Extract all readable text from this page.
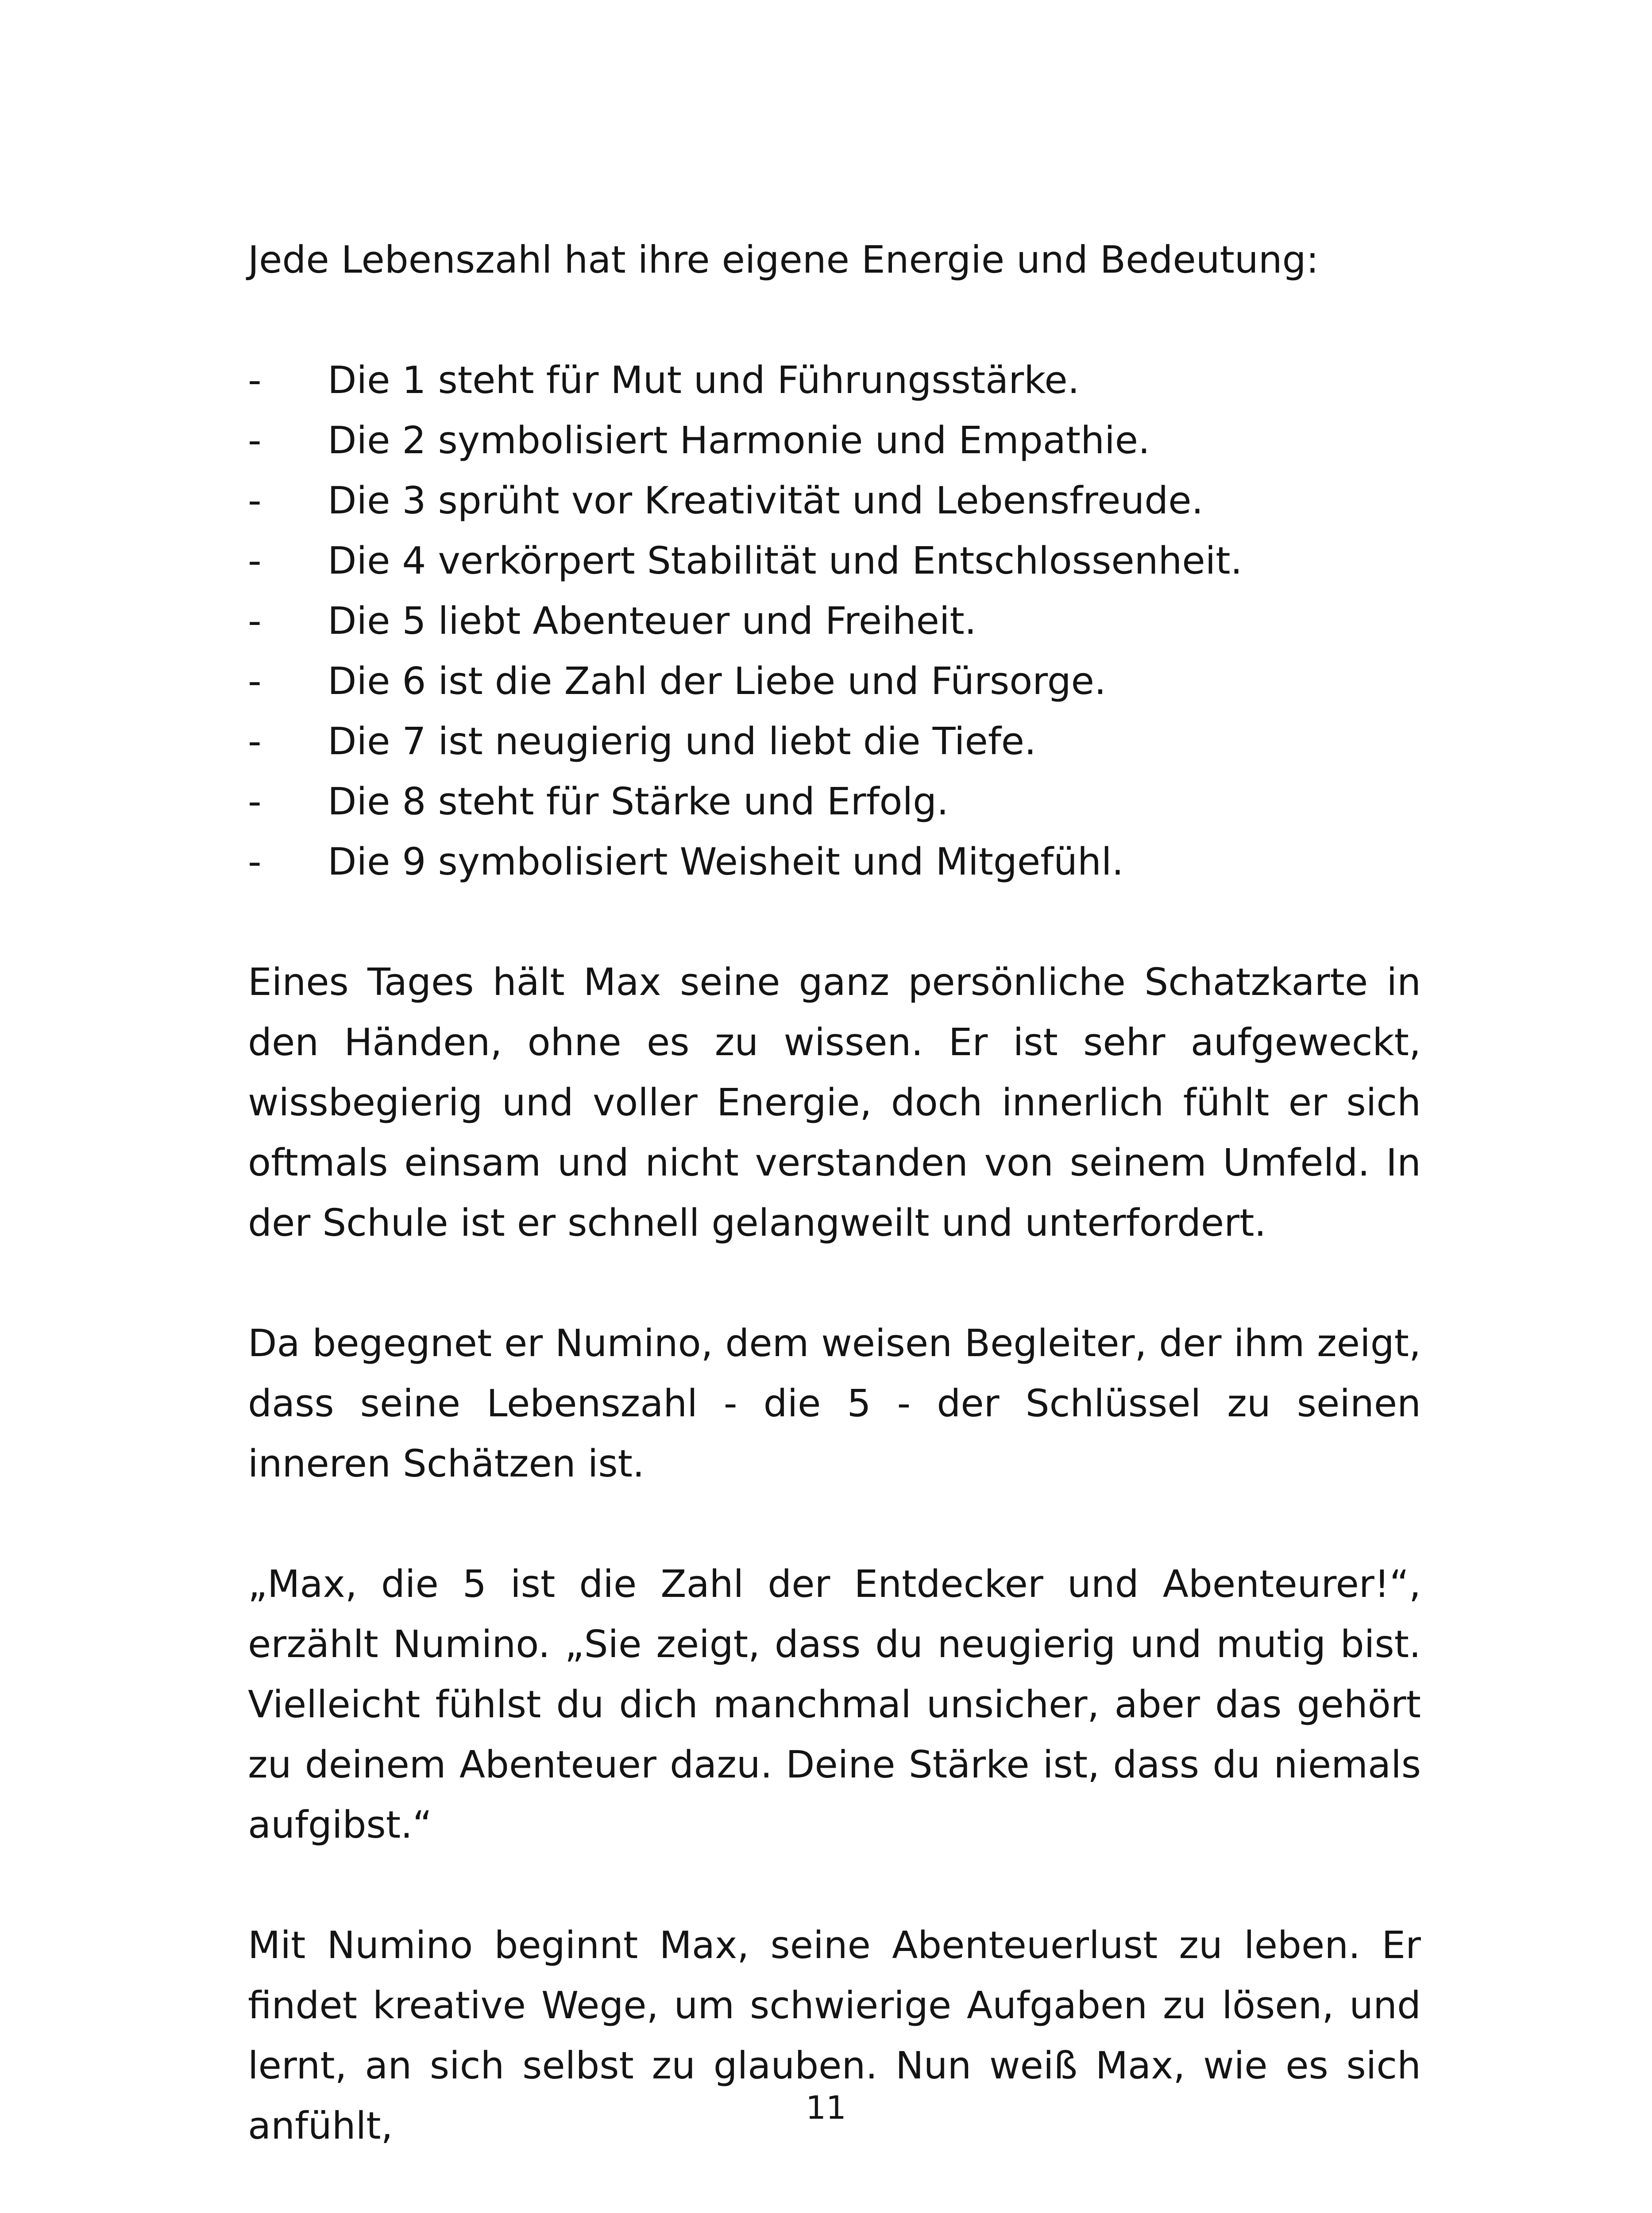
Jede Lebenszahl hat ihre eigene Energie und Bedeutung:

- Die 1 steht für Mut und Führungsstärke.
- Die 2 symbolisiert Harmonie und Empathie.
- Die 3 sprüht vor Kreativität und Lebensfreude.
- Die 4 verkörpert Stabilität und Entschlossenheit.
- Die 5 liebt Abenteuer und Freiheit.
- Die 6 ist die Zahl der Liebe und Fürsorge.
- Die 7 ist neugierig und liebt die Tiefe.
- Die 8 steht für Stärke und Erfolg.
- Die 9 symbolisiert Weisheit und Mitgefühl.

Eines Tages hält Max seine ganz persönliche Schatzkarte in den Händen, ohne es zu wissen. Er ist sehr aufgeweckt, wissbegierig und voller Energie, doch innerlich fühlt er sich oftmals einsam und nicht verstanden von seinem Umfeld. In der Schule ist er schnell gelangweilt und unterfordert.

Da begegnet er Numino, dem weisen Begleiter, der ihm zeigt, dass seine Lebenszahl - die 5 - der Schlüssel zu seinen inneren Schätzen ist.

„Max, die 5 ist die Zahl der Entdecker und Abenteurer!“, erzählt Numino. „Sie zeigt, dass du neugierig und mutig bist. Vielleicht fühlst du dich manchmal unsicher, aber das gehört zu deinem Abenteuer dazu. Deine Stärke ist, dass du niemals aufgibst.“

Mit Numino beginnt Max, seine Abenteuerlust zu leben. Er findet kreative Wege, um schwierige Aufgaben zu lösen, und lernt, an sich selbst zu glauben. Nun weiß Max, wie es sich anfühlt,	11
